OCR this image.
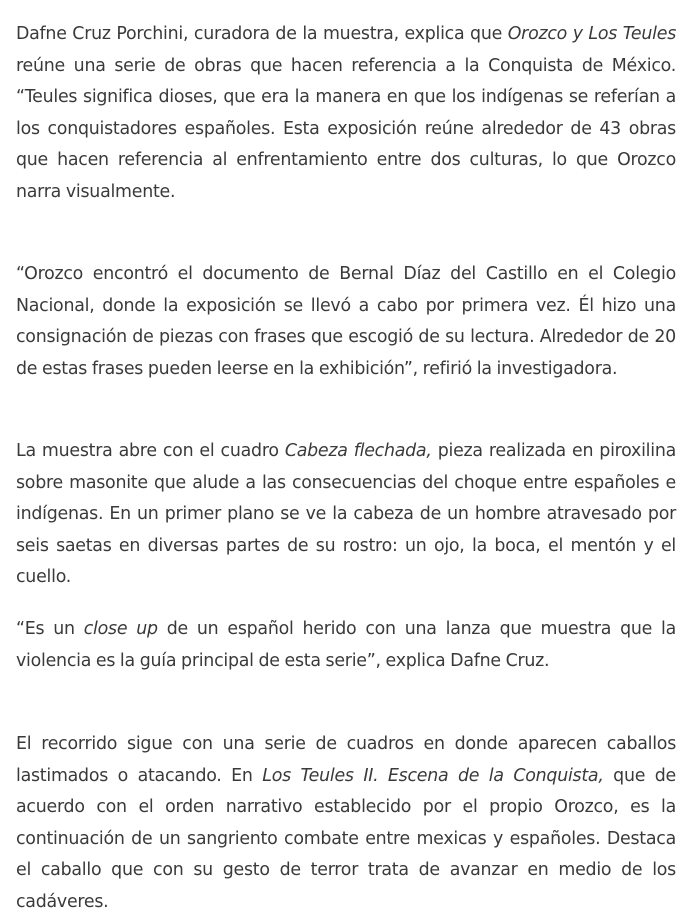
Dafne Cruz Porchini, curadora de la muestra, explica que Orozco y Los Teules reúne una serie de obras que hacen referencia a la Conquista de México. “Teules significa dioses, que era la manera en que los indígenas se referían a los conquistadores españoles. Esta exposición reúne alrededor de 43 obras que hacen referencia al enfrentamiento entre dos culturas, lo que Orozco narra visualmente.

“Orozco encontró el documento de Bernal Díaz del Castillo en el Colegio Nacional, donde la exposición se llevó a cabo por primera vez. Él hizo una consignación de piezas con frases que escogió de su lectura. Alrededor de 20 de estas frases pueden leerse en la exhibición”, refirió la investigadora.

La muestra abre con el cuadro Cabeza flechada, pieza realizada en piroxilina sobre masonite que alude a las consecuencias del choque entre españoles e indígenas. En un primer plano se ve la cabeza de un hombre atravesado por seis saetas en diversas partes de su rostro: un ojo, la boca, el mentón y el cuello.

“Es un close up de un español herido con una lanza que muestra que la violencia es la guía principal de esta serie”, explica Dafne Cruz.

El recorrido sigue con una serie de cuadros en donde aparecen caballos lastimados o atacando. En Los Teules II. Escena de la Conquista, que de acuerdo con el orden narrativo establecido por el propio Orozco, es la continuación de un sangriento combate entre mexicas y españoles. Destaca el caballo que con su gesto de terror trata de avanzar en medio de los cadáveres.
